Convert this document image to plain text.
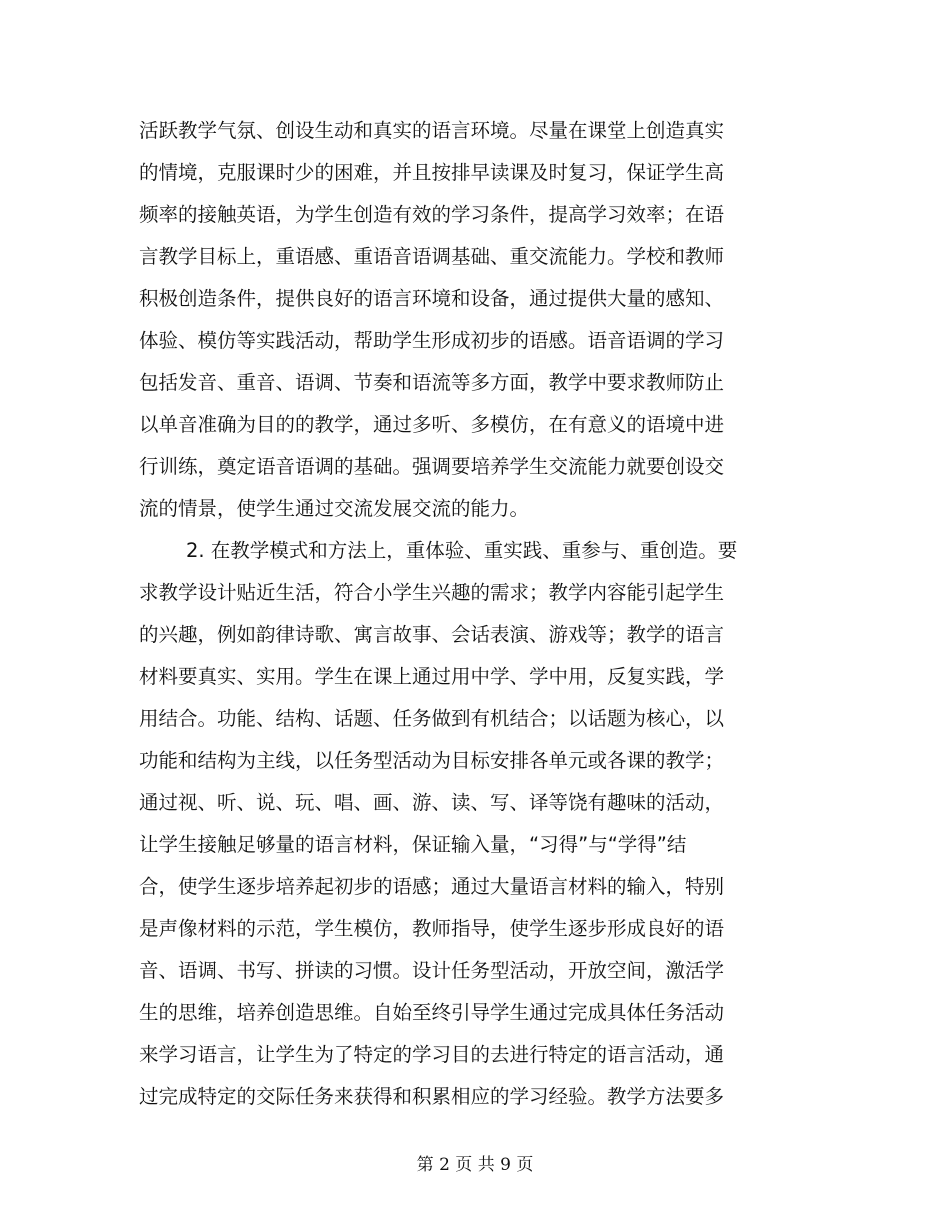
活跃教学气氛、创设生动和真实的语言环境。尽量在课堂上创造真实
的情境，克服课时少的困难，并且按排早读课及时复习，保证学生高
频率的接触英语，为学生创造有效的学习条件，提高学习效率；在语
言教学目标上，重语感、重语音语调基础、重交流能力。学校和教师
积极创造条件，提供良好的语言环境和设备，通过提供大量的感知、
体验、模仿等实践活动，帮助学生形成初步的语感。语音语调的学习
包括发音、重音、语调、节奏和语流等多方面，教学中要求教师防止
以单音准确为目的的教学，通过多听、多模仿，在有意义的语境中进
行训练，奠定语音语调的基础。强调要培养学生交流能力就要创设交
流的情景，使学生通过交流发展交流的能力。
2. 在教学模式和方法上，重体验、重实践、重参与、重创造。要
求教学设计贴近生活，符合小学生兴趣的需求；教学内容能引起学生
的兴趣，例如韵律诗歌、寓言故事、会话表演、游戏等；教学的语言
材料要真实、实用。学生在课上通过用中学、学中用，反复实践，学
用结合。功能、结构、话题、任务做到有机结合；以话题为核心，以
功能和结构为主线，以任务型活动为目标安排各单元或各课的教学；
通过视、听、说、玩、唱、画、游、读、写、译等饶有趣味的活动，
让学生接触足够量的语言材料，保证输入量，“习得”与“学得”结
合，使学生逐步培养起初步的语感；通过大量语言材料的输入，特别
是声像材料的示范，学生模仿，教师指导，使学生逐步形成良好的语
音、语调、书写、拼读的习惯。设计任务型活动，开放空间，激活学
生的思维，培养创造思维。自始至终引导学生通过完成具体任务活动
来学习语言，让学生为了特定的学习目的去进行特定的语言活动，通
过完成特定的交际任务来获得和积累相应的学习经验。教学方法要多
第 2 页 共 9 页
